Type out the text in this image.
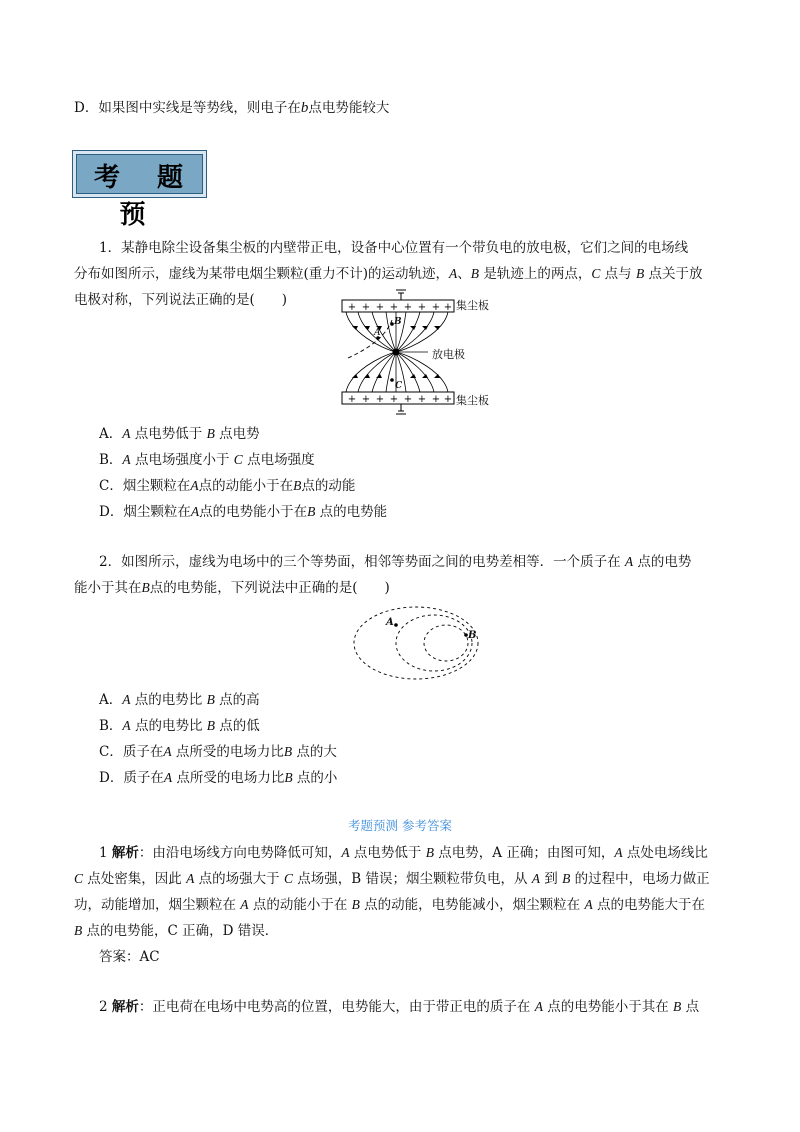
D．如果图中实线是等势线，则电子在b点电势能较大
考 题 预
1．某静电除尘设备集尘板的内壁带正电，设备中心位置有一个带负电的放电极，它们之间的电场线
分布如图所示，虚线为某带电烟尘颗粒(重力不计)的运动轨迹，A、B 是轨迹上的两点，C 点与 B 点关于放
电极对称，下列说法正确的是(　　)	+ + + + + + + +
+ + + + + + + +
A
B
C
集尘板
放电极
集尘板
A．A 点电势低于 B 点电势
B．A 点电场强度小于 C 点电场强度
C．烟尘颗粒在A点的动能小于在B点的动能
D．烟尘颗粒在A点的电势能小于在B 点的电势能
2．如图所示，虚线为电场中的三个等势面，相邻等势面之间的电势差相等．一个质子在 A 点的电势
能小于其在B点的电势能，下列说法中正确的是(　　)
A
B
A．A 点的电势比 B 点的高
B．A 点的电势比 B 点的低
C．质子在A 点所受的电场力比B 点的大
D．质子在A 点所受的电场力比B 点的小
考题预测 参考答案
1 解析：由沿电场线方向电势降低可知，A 点电势低于 B 点电势，A 正确；由图可知，A 点处电场线比
C 点处密集，因此 A 点的场强大于 C 点场强，B 错误；烟尘颗粒带负电，从 A 到 B 的过程中，电场力做正
功，动能增加，烟尘颗粒在 A 点的动能小于在 B 点的动能，电势能减小，烟尘颗粒在 A 点的电势能大于在
B 点的电势能，C 正确，D 错误．
答案：AC
2 解析：正电荷在电场中电势高的位置，电势能大，由于带正电的质子在 A 点的电势能小于其在 B 点
